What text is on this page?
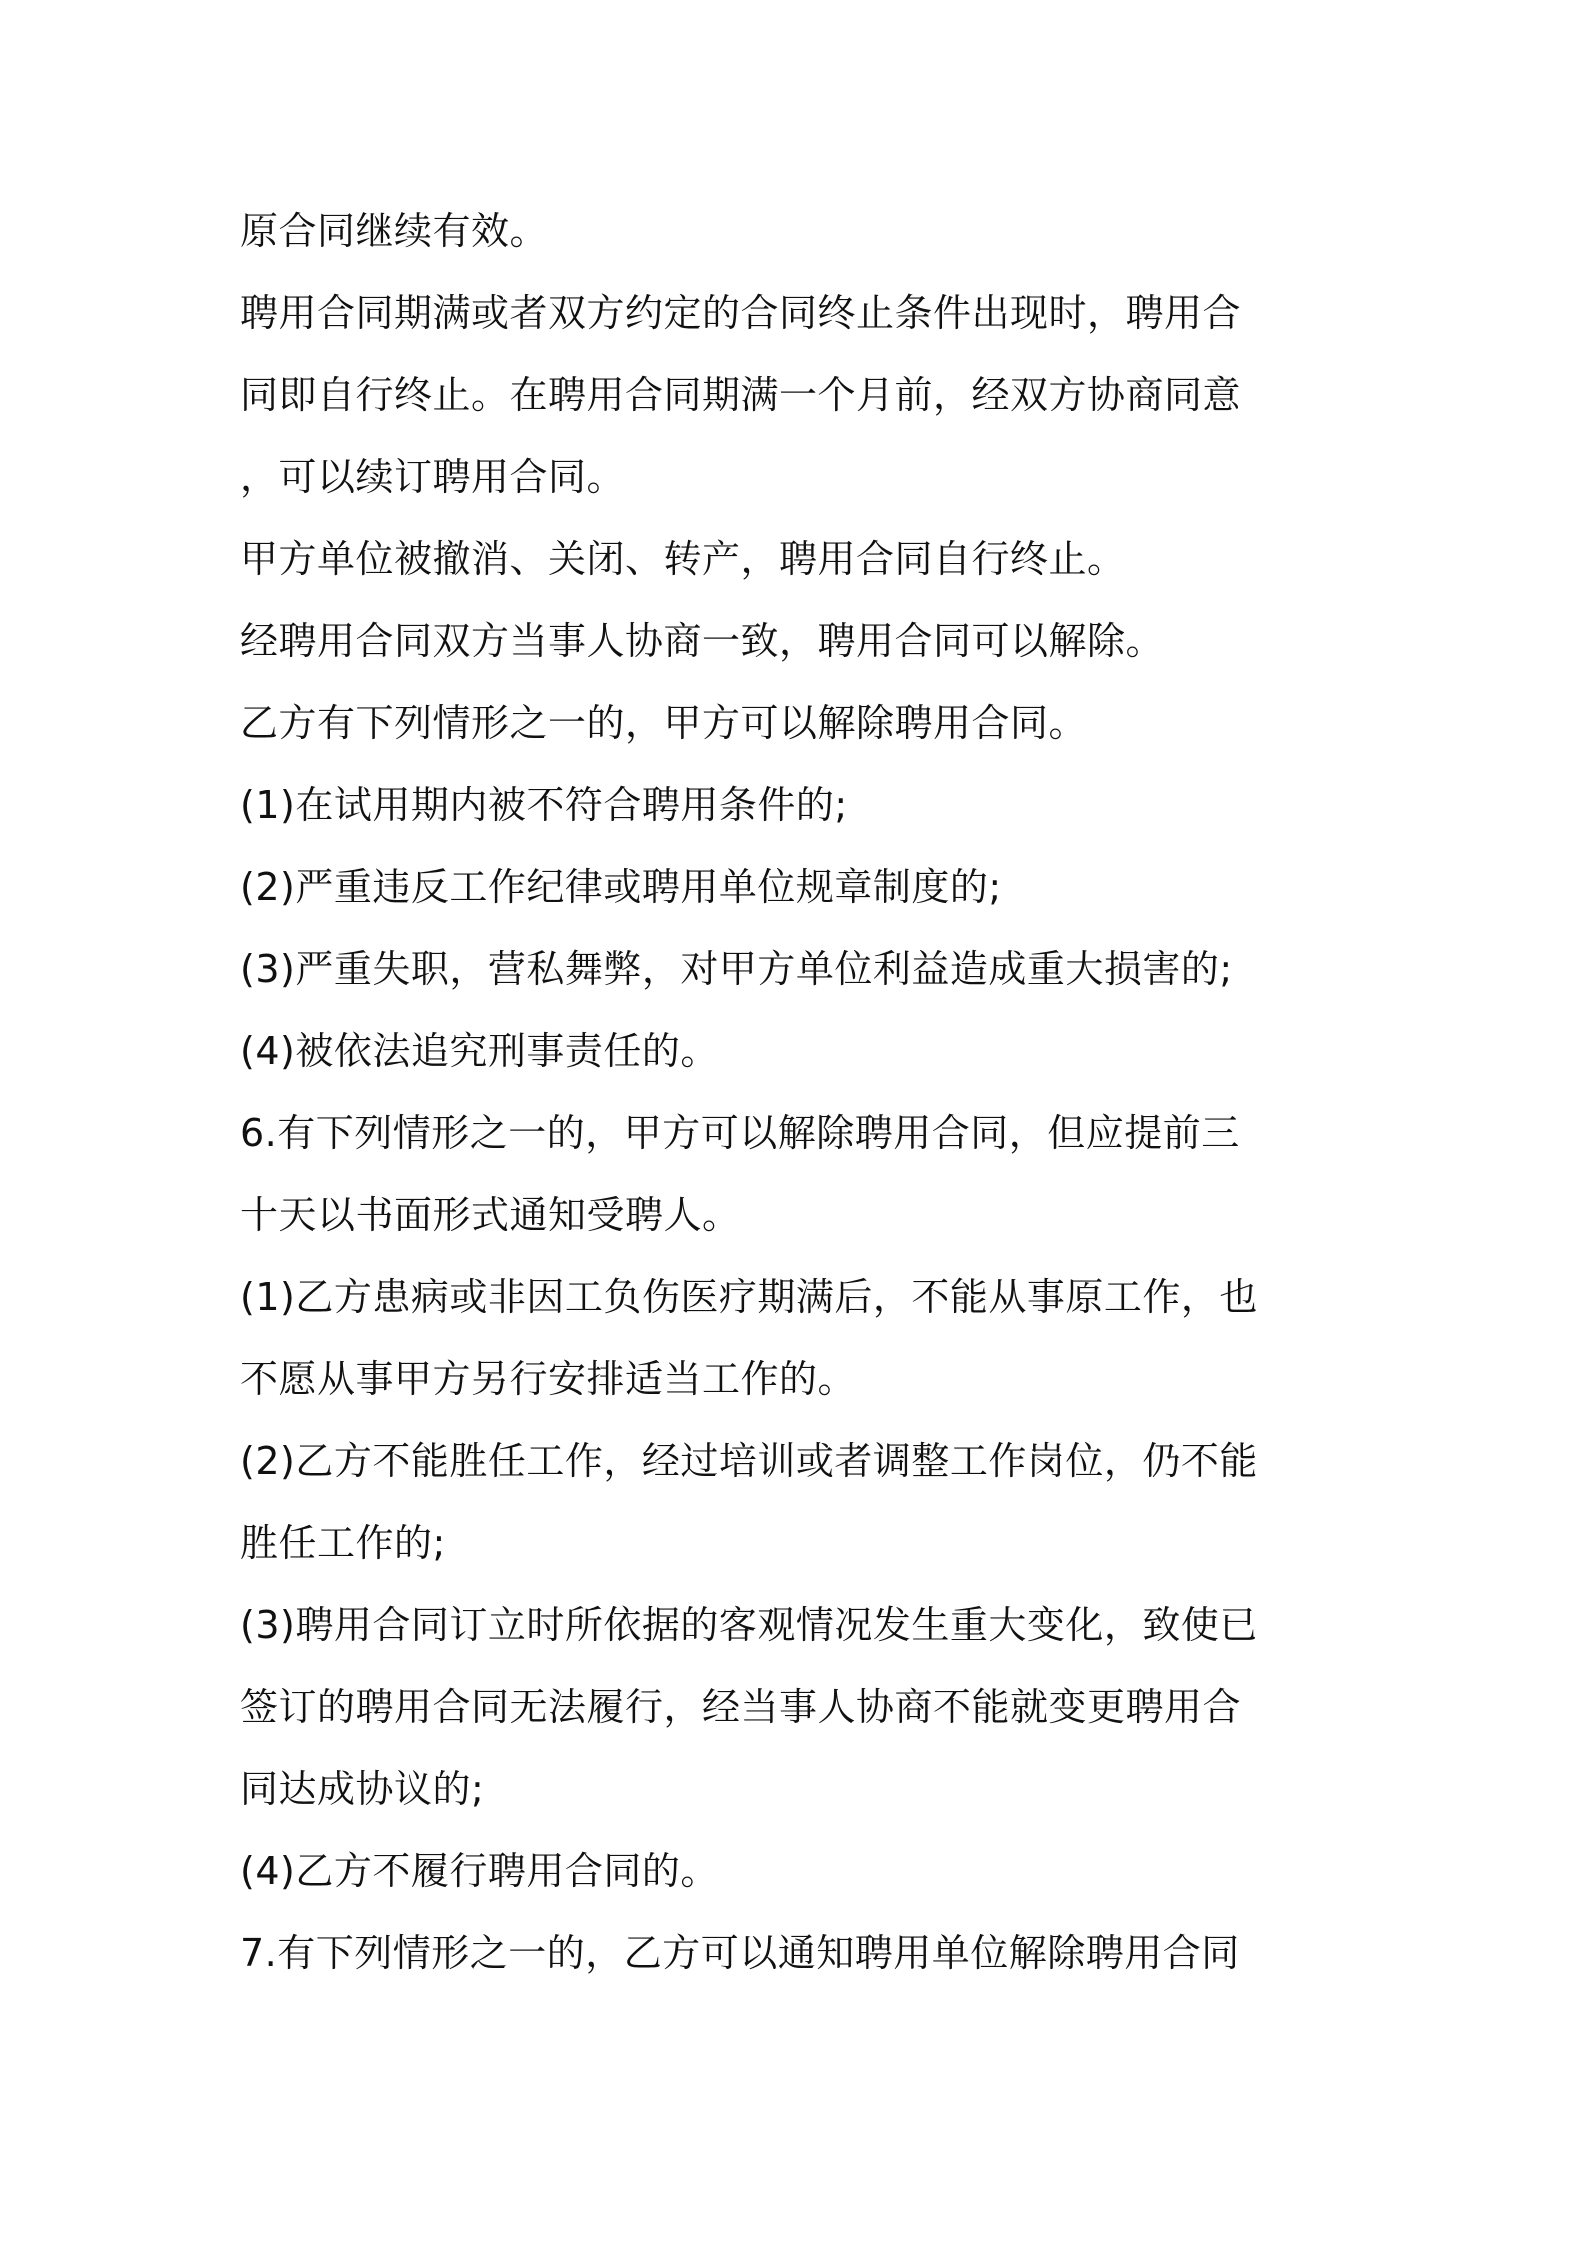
原合同继续有效。
聘用合同期满或者双方约定的合同终止条件出现时，聘用合
同即自行终止。在聘用合同期满一个月前，经双方协商同意
，可以续订聘用合同。
甲方单位被撤消、关闭、转产，聘用合同自行终止。
经聘用合同双方当事人协商一致，聘用合同可以解除。
乙方有下列情形之一的，甲方可以解除聘用合同。
(1)在试用期内被不符合聘用条件的;
(2)严重违反工作纪律或聘用单位规章制度的;
(3)严重失职，营私舞弊，对甲方单位利益造成重大损害的;
(4)被依法追究刑事责任的。
6.有下列情形之一的，甲方可以解除聘用合同，但应提前三
十天以书面形式通知受聘人。
(1)乙方患病或非因工负伤医疗期满后，不能从事原工作，也
不愿从事甲方另行安排适当工作的。
(2)乙方不能胜任工作，经过培训或者调整工作岗位，仍不能
胜任工作的;
(3)聘用合同订立时所依据的客观情况发生重大变化，致使已
签订的聘用合同无法履行，经当事人协商不能就变更聘用合
同达成协议的;
(4)乙方不履行聘用合同的。
7.有下列情形之一的，乙方可以通知聘用单位解除聘用合同
